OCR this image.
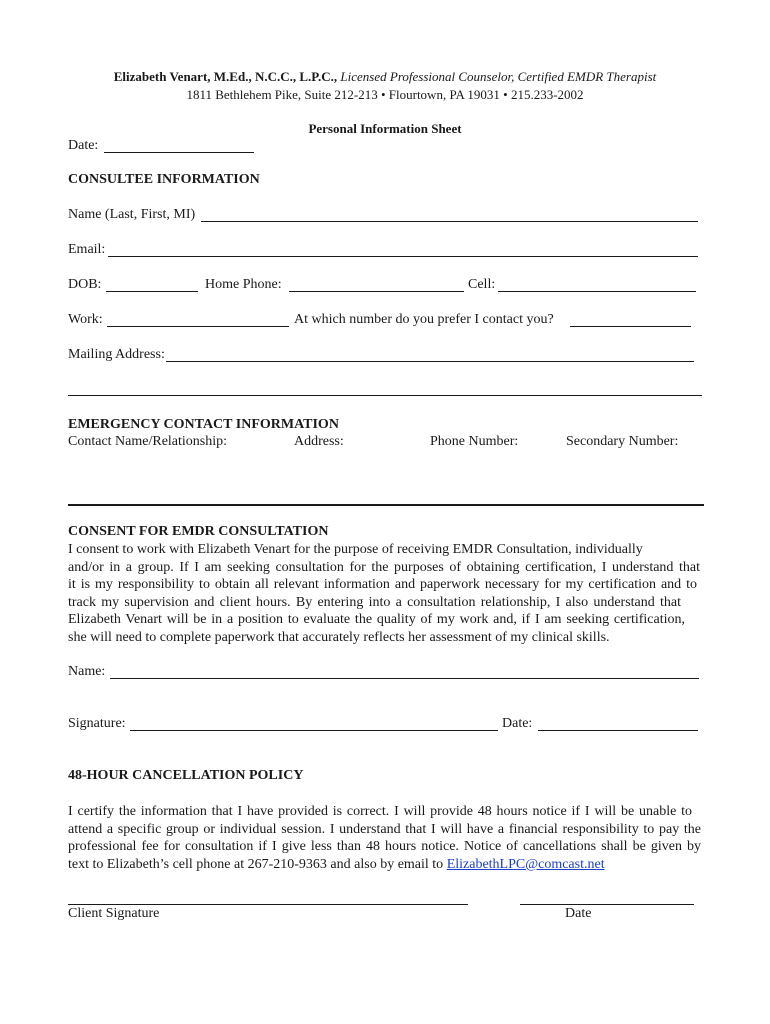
Elizabeth Venart, M.Ed., N.C.C., L.P.C., Licensed Professional Counselor, Certified EMDR Therapist
1811 Bethlehem Pike, Suite 212-213 • Flourtown, PA 19031 • 215.233-2002
Personal Information Sheet
Date:
CONSULTEE INFORMATION
Name (Last, First, MI)
Email:
DOB:	Home Phone:	Cell:
Work:	At which number do you prefer I contact you?
Mailing Address:
EMERGENCY CONTACT INFORMATION
Contact Name/Relationship:	Address:	Phone Number:	Secondary Number:
CONSENT FOR EMDR CONSULTATION
I consent to work with Elizabeth Venart for the purpose of receiving EMDR Consultation, individually
and/or in a group. If I am seeking consultation for the purposes of obtaining certification, I understand that
it is my responsibility to obtain all relevant information and paperwork necessary for my certification and to
track my supervision and client hours. By entering into a consultation relationship, I also understand that
Elizabeth Venart will be in a position to evaluate the quality of my work and, if I am seeking certification,
she will need to complete paperwork that accurately reflects her assessment of my clinical skills.
Name:
Signature:	Date:
48-HOUR CANCELLATION POLICY
I certify the information that I have provided is correct. I will provide 48 hours notice if I will be unable to
attend a specific group or individual session. I understand that I will have a financial responsibility to pay the
professional fee for consultation if I give less than 48 hours notice. Notice of cancellations shall be given by
text to Elizabeth’s cell phone at 267-210-9363 and also by email to ElizabethLPC@comcast.net
Client Signature	Date
